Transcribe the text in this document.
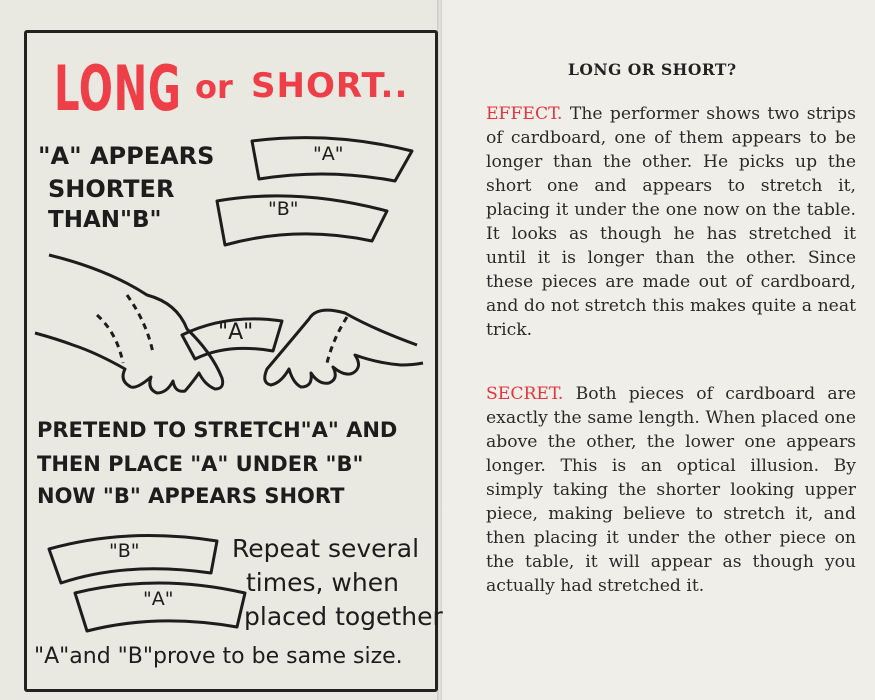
LONG or SHORT..
"A" APPEARS
SHORTER
THAN"B"
"A"
"B"
"A"
PRETEND TO STRETCH"A" AND
THEN PLACE "A" UNDER "B"
NOW "B" APPEARS SHORT
"B"
"A"
Repeat several
times, when
placed together
"A"and "B"prove to be same size.
LONG OR SHORT?
EFFECT. The performer shows two strips of cardboard, one of them appears to be longer than the other. He picks up the short one and appears to stretch it, placing it under the one now on the table. It looks as though he has stretched it until it is longer than the other. Since these pieces are made out of cardboard, and do not stretch this makes quite a neat trick.
SECRET. Both pieces of cardboard are exactly the same length. When placed one above the other, the lower one appears longer. This is an optical illusion. By simply taking the shorter looking upper piece, making believe to stretch it, and then placing it under the other piece on the table, it will appear as though you actually had stretched it.
